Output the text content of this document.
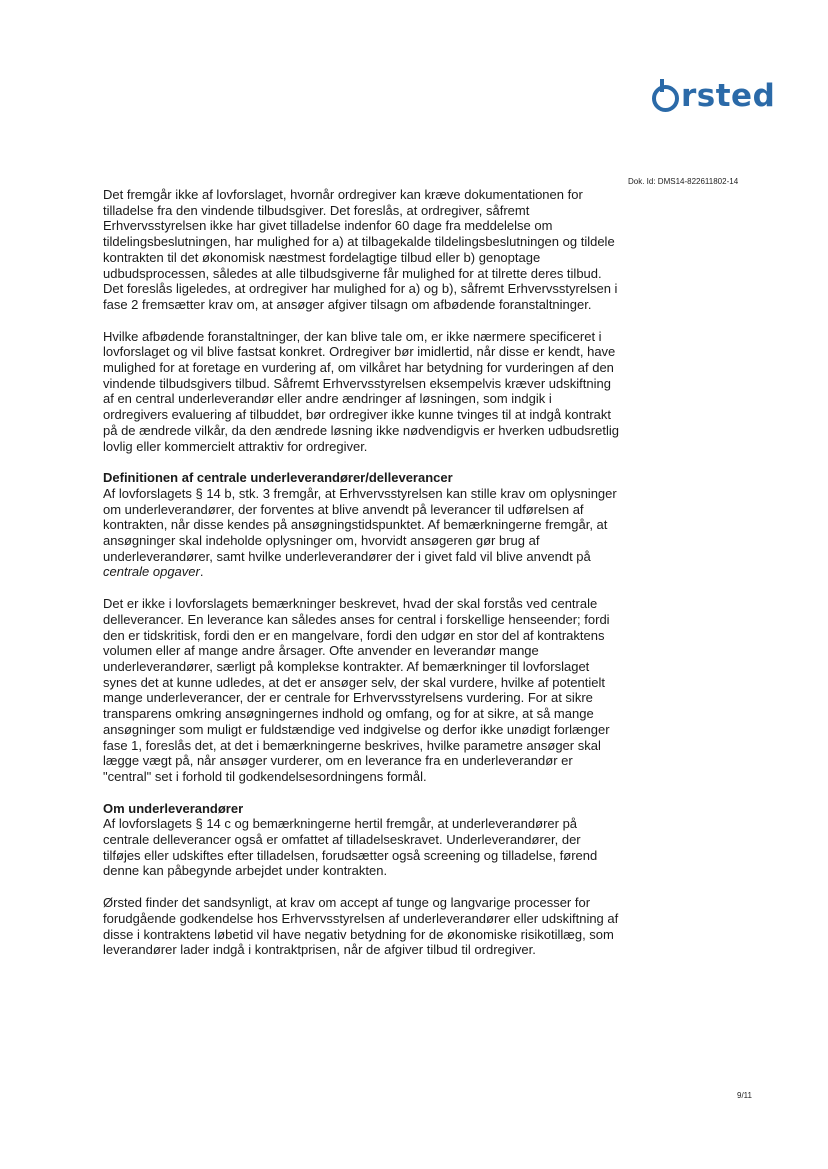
rsted
Dok. Id: DMS14-822611802-14

Det fremgår ikke af lovforslaget, hvornår ordregiver kan kræve dokumentationen for tilladelse fra den vindende tilbudsgiver. Det foreslås, at ordregiver, såfremt Erhvervsstyrelsen ikke har givet tilladelse indenfor 60 dage fra meddelelse om tildelingsbeslutningen, har mulighed for a) at tilbagekalde tildelingsbeslutningen og tildele kontrakten til det økonomisk næstmest fordelagtige tilbud eller b) genoptage udbudsprocessen, således at alle tilbudsgiverne får mulighed for at tilrette deres tilbud. Det foreslås ligeledes, at ordregiver har mulighed for a) og b), såfremt Erhvervsstyrelsen i fase 2 fremsætter krav om, at ansøger afgiver tilsagn om afbødende foranstaltninger.

Hvilke afbødende foranstaltninger, der kan blive tale om, er ikke nærmere specificeret i lovforslaget og vil blive fastsat konkret. Ordregiver bør imidlertid, når disse er kendt, have mulighed for at foretage en vurdering af, om vilkåret har betydning for vurderingen af den vindende tilbudsgivers tilbud. Såfremt Erhvervsstyrelsen eksempelvis kræver udskiftning af en central underleverandør eller andre ændringer af løsningen, som indgik i ordregivers evaluering af tilbuddet, bør ordregiver ikke kunne tvinges til at indgå kontrakt på de ændrede vilkår, da den ændrede løsning ikke nødvendigvis er hverken udbudsretlig lovlig eller kommercielt attraktiv for ordregiver.

Definitionen af centrale underleverandører/delleverancer

Af lovforslagets § 14 b, stk. 3 fremgår, at Erhvervsstyrelsen kan stille krav om oplysninger om underleverandører, der forventes at blive anvendt på leverancer til udførelsen af kontrakten, når disse kendes på ansøgningstidspunktet. Af bemærkningerne fremgår, at ansøgninger skal indeholde oplysninger om, hvorvidt ansøgeren gør brug af underleverandører, samt hvilke underleverandører der i givet fald vil blive anvendt på centrale opgaver.

Det er ikke i lovforslagets bemærkninger beskrevet, hvad der skal forstås ved centrale delleverancer. En leverance kan således anses for central i forskellige henseender; fordi den er tidskritisk, fordi den er en mangelvare, fordi den udgør en stor del af kontraktens volumen eller af mange andre årsager. Ofte anvender en leverandør mange underleverandører, særligt på komplekse kontrakter. Af bemærkninger til lovforslaget synes det at kunne udledes, at det er ansøger selv, der skal vurdere, hvilke af potentielt mange underleverancer, der er centrale for Erhvervsstyrelsens vurdering. For at sikre transparens omkring ansøgningernes indhold og omfang, og for at sikre, at så mange ansøgninger som muligt er fuldstændige ved indgivelse og derfor ikke unødigt forlænger fase 1, foreslås det, at det i bemærkningerne beskrives, hvilke parametre ansøger skal lægge vægt på, når ansøger vurderer, om en leverance fra en underleverandør er "central" set i forhold til godkendelsesordningens formål.

Om underleverandører

Af lovforslagets § 14 c og bemærkningerne hertil fremgår, at underleverandører på centrale delleverancer også er omfattet af tilladelseskravet. Underleverandører, der tilføjes eller udskiftes efter tilladelsen, forudsætter også screening og tilladelse, førend denne kan påbegynde arbejdet under kontrakten.

Ørsted finder det sandsynligt, at krav om accept af tunge og langvarige processer for forudgående godkendelse hos Erhvervsstyrelsen af underleverandører eller udskiftning af disse i kontraktens løbetid vil have negativ betydning for de økonomiske risikotillæg, som leverandører lader indgå i kontraktprisen, når de afgiver tilbud til ordregiver.

9/11
